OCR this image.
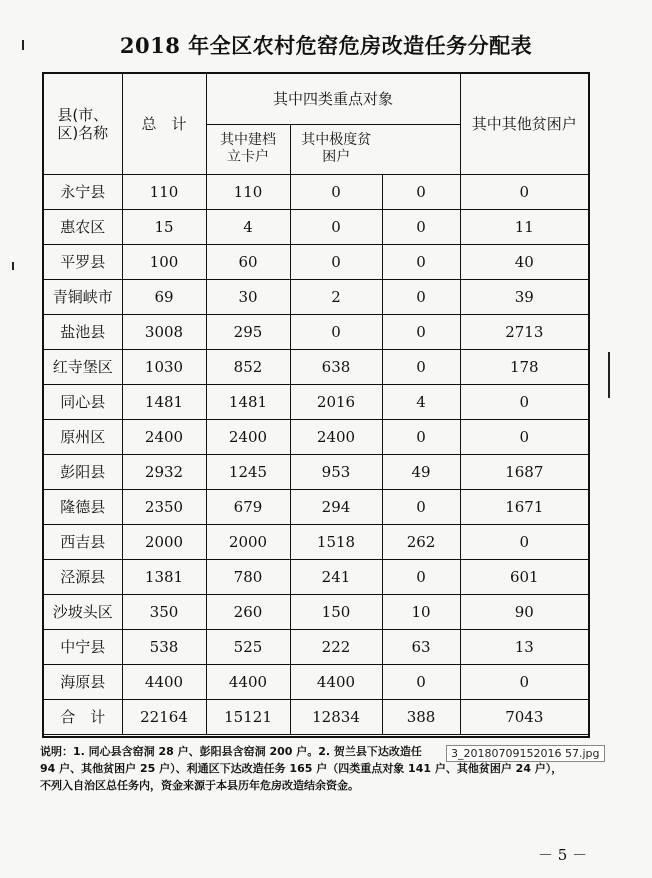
2018 年全区农村危窑危房改造任务分配表
县(市、区)名称	总　计	其中四类重点对象			其中其他贫困户
		其中建档立卡户	其中极度贫困户		
永宁县	110	110	0	0	0
惠农区	15	4	0	0	11
平罗县	100	60	0	0	40
青铜峡市	69	30	2	0	39
盐池县	3008	295	0	0	2713
红寺堡区	1030	852	638	0	178
同心县	1481	1481	2016	4	0
原州区	2400	2400	2400	0	0
彭阳县	2932	1245	953	49	1687
隆德县	2350	679	294	0	1671
西吉县	2000	2000	1518	262	0
泾源县	1381	780	241	0	601
沙坡头区	350	260	150	10	90
中宁县	538	525	222	63	13
海原县	4400	4400	4400	0	0
合　计	22164	15121	12834	388	7043
说明：1. 同心县含窑洞 28 户、彭阳县含窑洞 200 户。2. 贺兰县下达改造任
94 户、其他贫困户 25 户）、利通区下达改造任务 165 户（四类重点对象 141 户、其他贫困户 24 户），
不列入自治区总任务内，资金来源于本县历年危房改造结余资金。
3_20180709152016 57.jpg
－ 5 －
